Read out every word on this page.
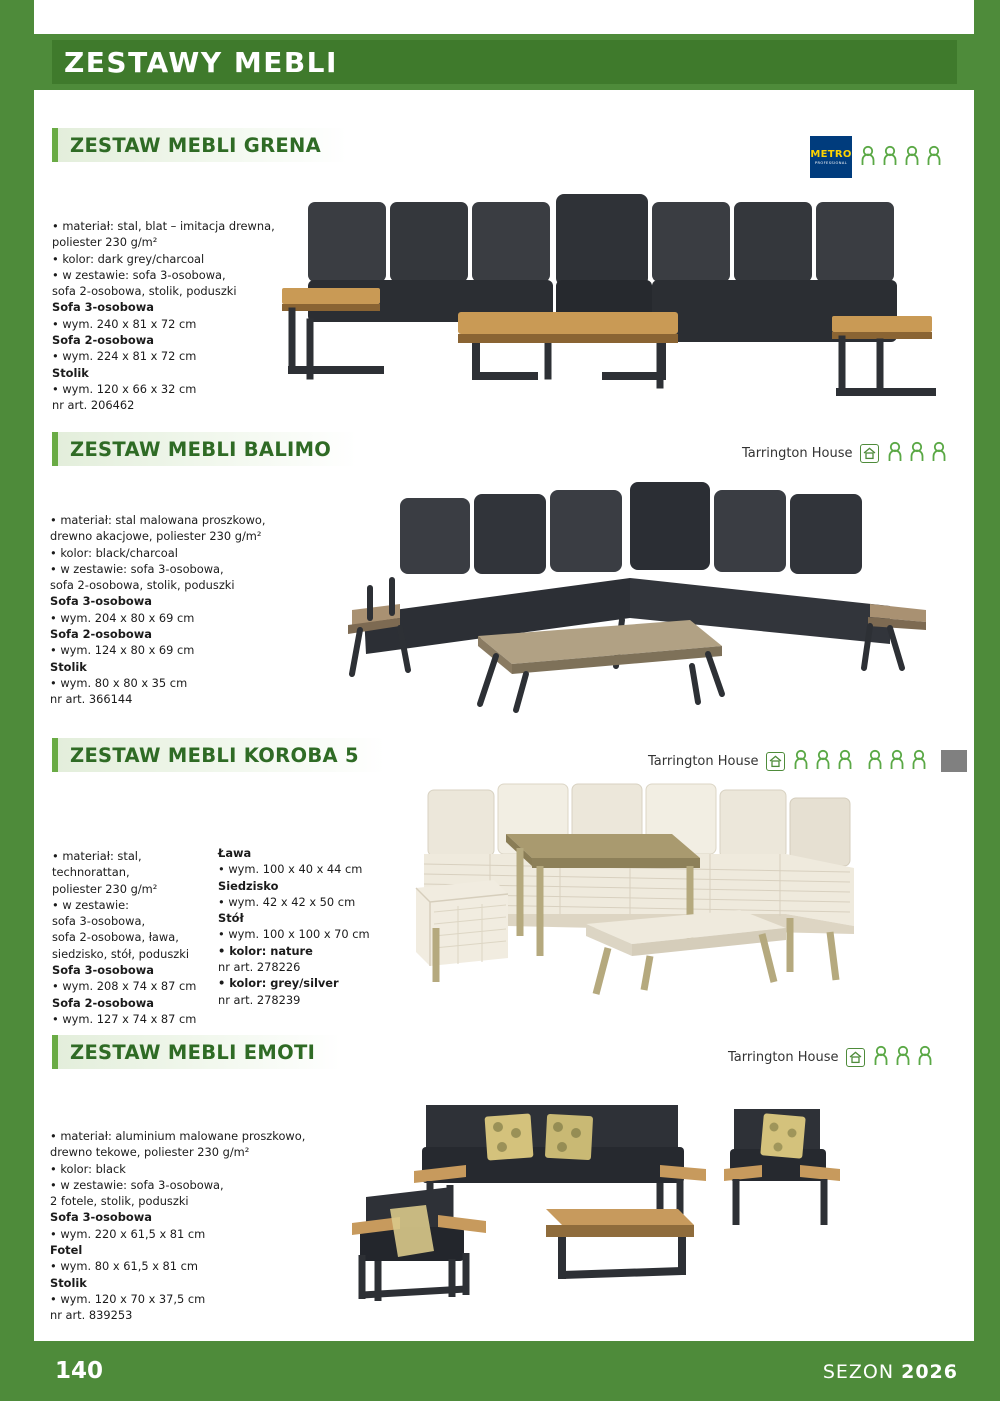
ZESTAWY MEBLI
ZESTAW MEBLI GRENA	METRO
PROFESSIONAL

• materiał: stal, blat – imitacja drewna,

poliester 230 g/m²

• kolor: dark grey/charcoal

• w zestawie: sofa 3-osobowa,

sofa 2-osobowa, stolik, poduszki

Sofa 3-osobowa

• wym. 240 x 81 x 72 cm

Sofa 2-osobowa

• wym. 224 x 81 x 72 cm

Stolik

• wym. 120 x 66 x 32 cm

nr art. 206462

ZESTAW MEBLI BALIMO	Tarrington House

• materiał: stal malowana proszkowo,

drewno akacjowe, poliester 230 g/m²

• kolor: black/charcoal

• w zestawie: sofa 3-osobowa,

sofa 2-osobowa, stolik, poduszki

Sofa 3-osobowa

• wym. 204 x 80 x 69 cm

Sofa 2-osobowa

• wym. 124 x 80 x 69 cm

Stolik

• wym. 80 x 80 x 35 cm

nr art. 366144

ZESTAW MEBLI KOROBA 5	Tarrington House

• materiał: stal,

technorattan,

poliester 230 g/m²

• w zestawie:

sofa 3-osobowa,

sofa 2-osobowa, ława,

siedzisko, stół, poduszki

Sofa 3-osobowa

• wym. 208 x 74 x 87 cm

Sofa 2-osobowa

• wym. 127 x 74 x 87 cm

Ława

• wym. 100 x 40 x 44 cm

Siedzisko

• wym. 42 x 42 x 50 cm

Stół

• wym. 100 x 100 x 70 cm

• kolor: nature

nr art. 278226

• kolor: grey/silver

nr art. 278239

ZESTAW MEBLI EMOTI	Tarrington House

• materiał: aluminium malowane proszkowo,

drewno tekowe, poliester 230 g/m²

• kolor: black

• w zestawie: sofa 3-osobowa,

2 fotele, stolik, poduszki

Sofa 3-osobowa

• wym. 220 x 61,5 x 81 cm

Fotel

• wym. 80 x 61,5 x 81 cm

Stolik

• wym. 120 x 70 x 37,5 cm

nr art. 839253

140	SEZON 2026
